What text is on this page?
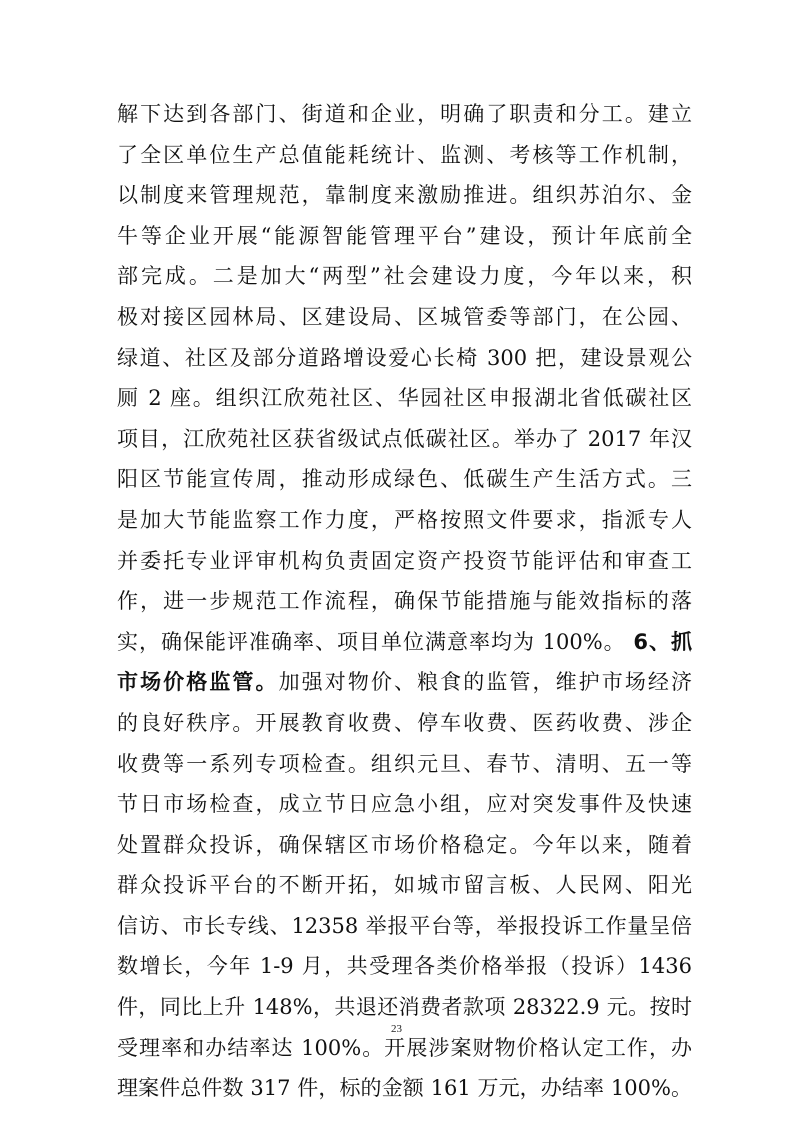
解下达到各部门、街道和企业，明确了职责和分工。建立
了全区单位生产总值能耗统计、监测、考核等工作机制，
以制度来管理规范，靠制度来激励推进。组织苏泊尔、金
牛等企业开展“能源智能管理平台”建设，预计年底前全
部完成。二是加大“两型”社会建设力度，今年以来，积
极对接区园林局、区建设局、区城管委等部门，在公园、
绿道、社区及部分道路增设爱心长椅 300 把，建设景观公
厕 2 座。组织江欣苑社区、华园社区申报湖北省低碳社区
项目，江欣苑社区获省级试点低碳社区。举办了 2017 年汉
阳区节能宣传周，推动形成绿色、低碳生产生活方式。三
是加大节能监察工作力度，严格按照文件要求，指派专人
并委托专业评审机构负责固定资产投资节能评估和审查工
作，进一步规范工作流程，确保节能措施与能效指标的落
实，确保能评准确率、项目单位满意率均为 100%。 6、抓
市场价格监管。加强对物价、粮食的监管，维护市场经济
的良好秩序。开展教育收费、停车收费、医药收费、涉企
收费等一系列专项检查。组织元旦、春节、清明、五一等
节日市场检查，成立节日应急小组，应对突发事件及快速
处置群众投诉，确保辖区市场价格稳定。今年以来，随着
群众投诉平台的不断开拓，如城市留言板、人民网、阳光
信访、市长专线、12358 举报平台等，举报投诉工作量呈倍
数增长，今年 1-9 月，共受理各类价格举报（投诉）1436
件，同比上升 148%，共退还消费者款项 28322.9 元。按时
受理率和办结率达 100%。开展涉案财物价格认定工作，办
理案件总件数 317 件，标的金额 161 万元，办结率 100%。
23
